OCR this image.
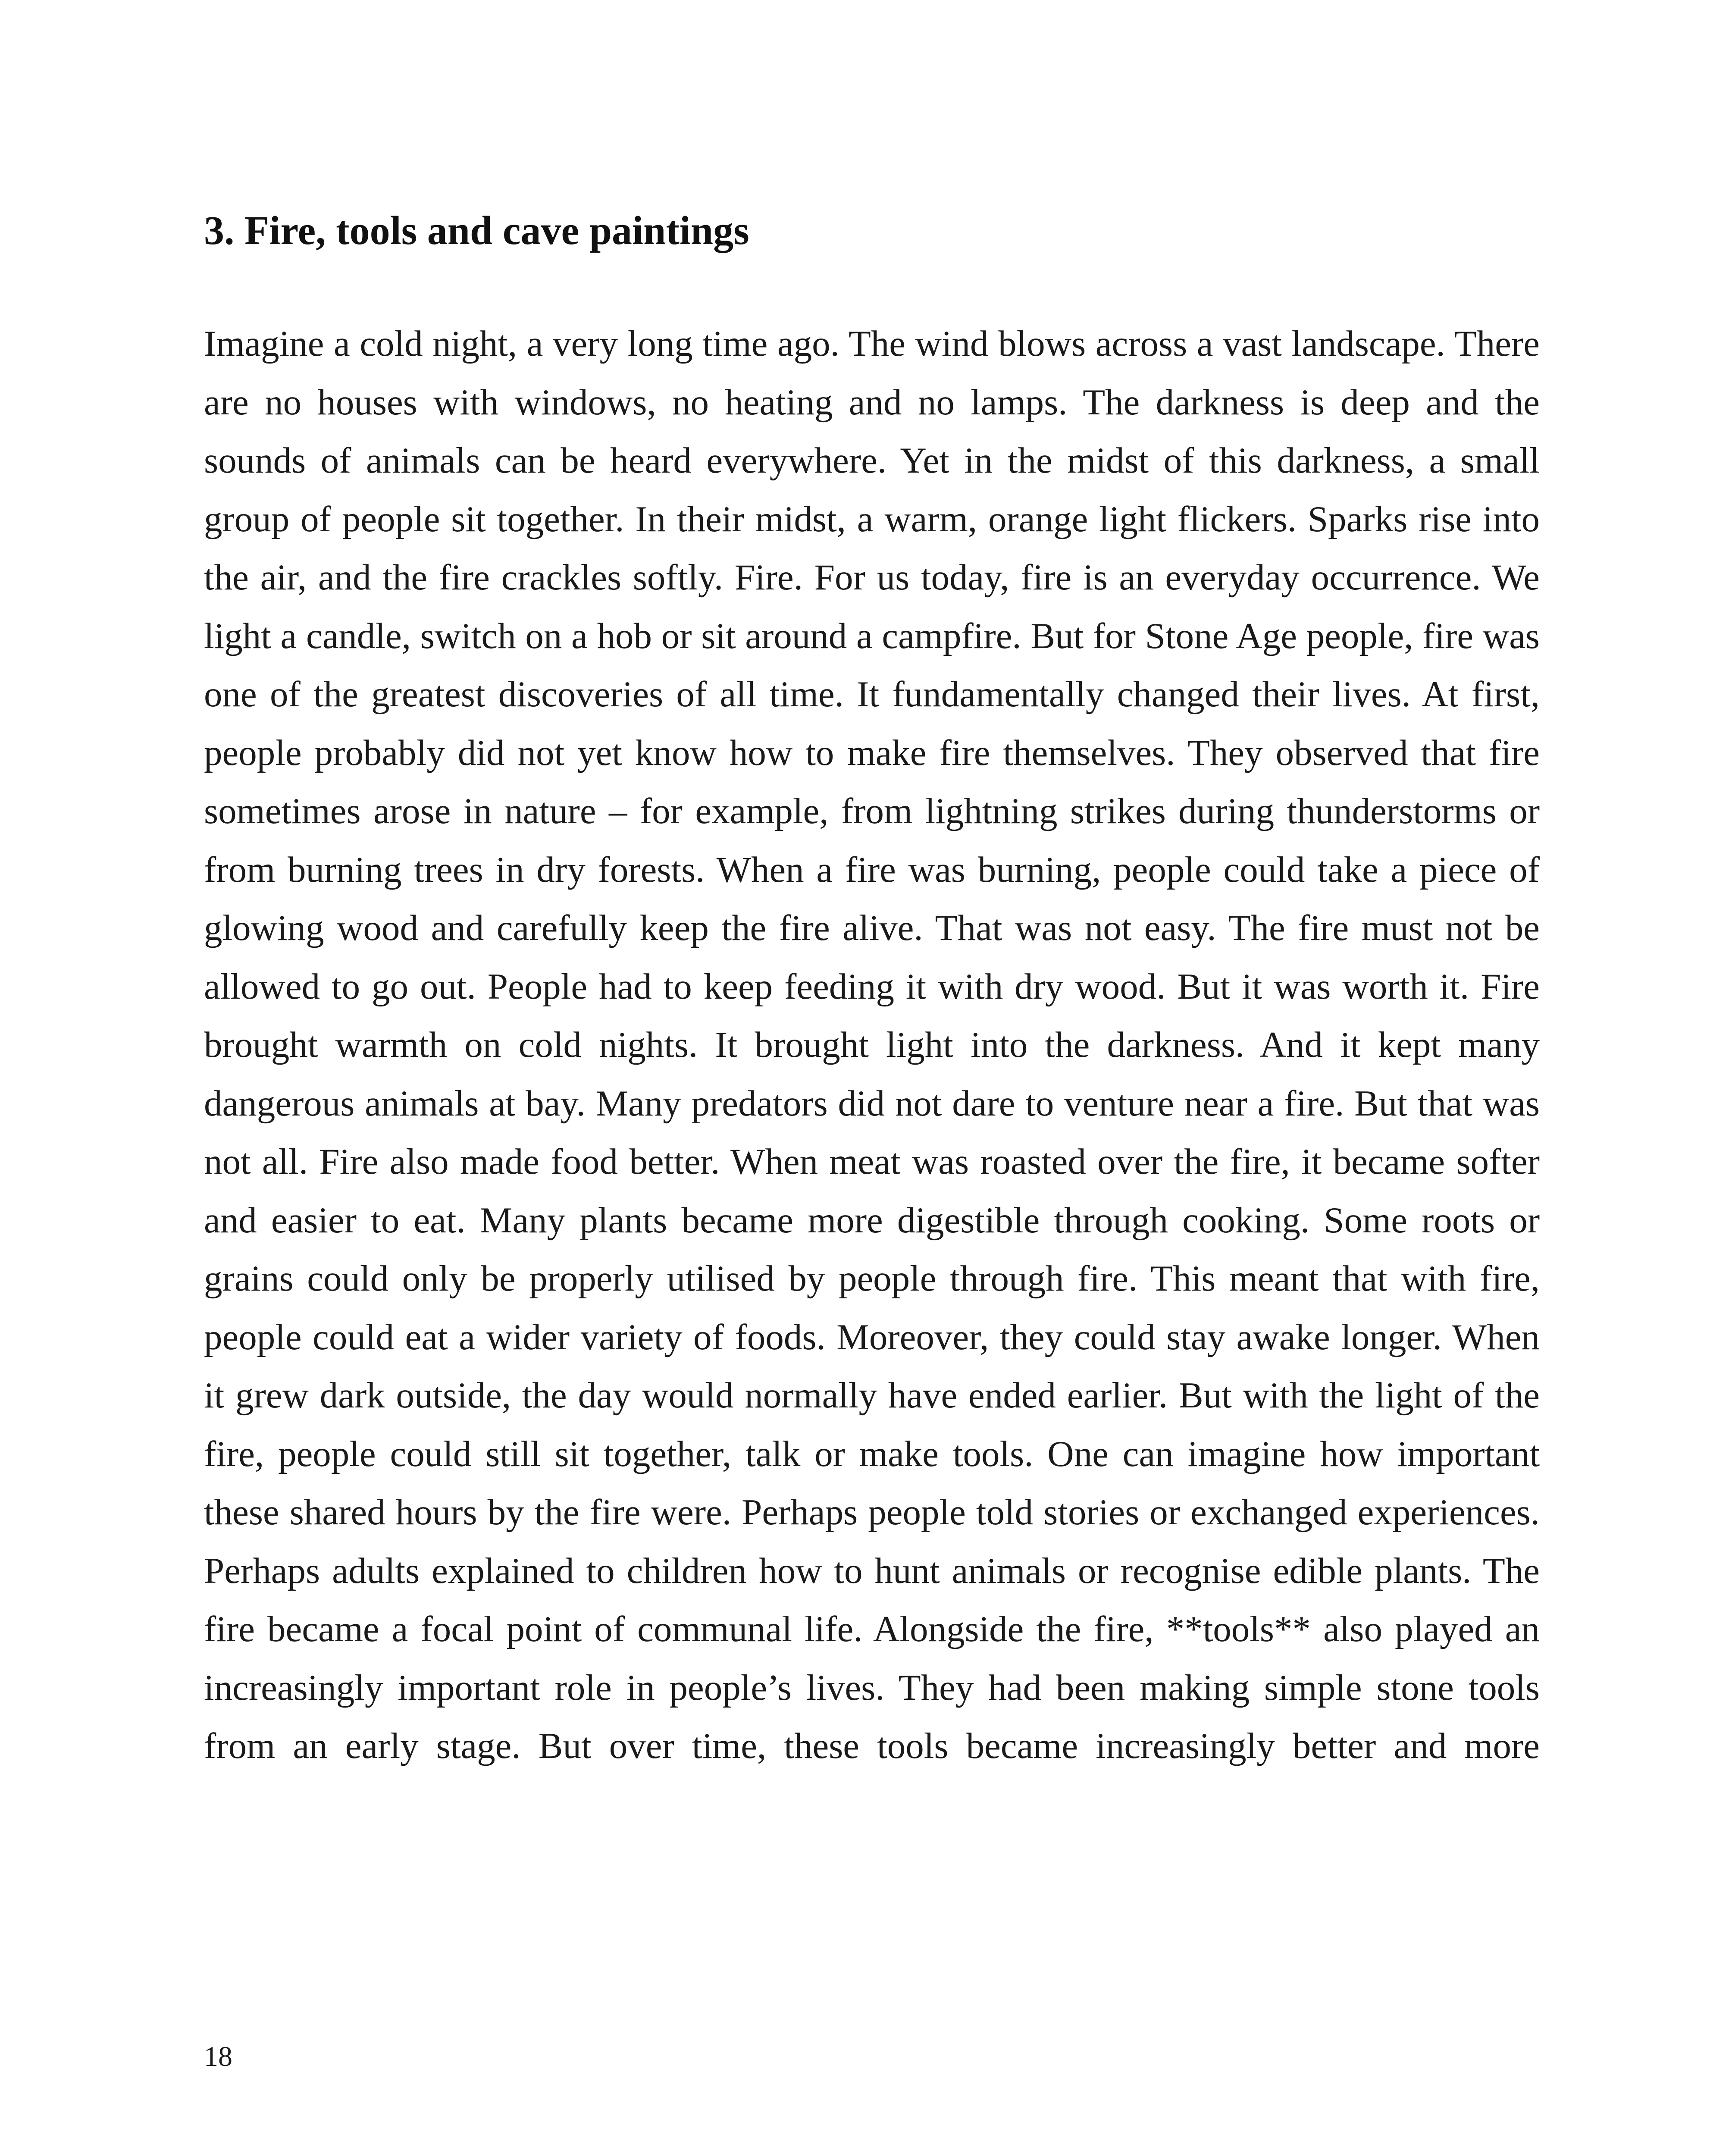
3. Fire, tools and cave paintings

Imagine a cold night, a very long time ago. The wind blows across a vast landscape. There are no houses with windows, no heating and no lamps. The darkness is deep and the sounds of animals can be heard everywhere. Yet in the midst of this darkness, a small group of people sit together. In their midst, a warm, orange light flickers. Sparks rise into the air, and the fire crackles softly. Fire. For us today, fire is an everyday occurrence. We light a candle, switch on a hob or sit around a campfire. But for Stone Age people, fire was one of the greatest discoveries of all time. It fundamentally changed their lives. At first, people probably did not yet know how to make fire themselves. They observed that fire sometimes arose in nature – for example, from lightning strikes during thunderstorms or from burning trees in dry forests. When a fire was burning, people could take a piece of glowing wood and carefully keep the fire alive. That was not easy. The fire must not be allowed to go out. People had to keep feeding it with dry wood. But it was worth it. Fire brought warmth on cold nights. It brought light into the darkness. And it kept many dangerous animals at bay. Many predators did not dare to venture near a fire. But that was not all. Fire also made food better. When meat was roasted over the fire, it became softer and easier to eat. Many plants became more digestible through cooking. Some roots or grains could only be properly utilised by people through fire. This meant that with fire, people could eat a wider variety of foods. Moreover, they could stay awake longer. When it grew dark outside, the day would normally have ended earlier. But with the light of the fire, people could still sit together, talk or make tools. One can imagine how important these shared hours by the fire were. Perhaps people told stories or exchanged experiences. Perhaps adults explained to children how to hunt animals or recognise edible plants. The fire became a focal point of communal life. Alongside the fire, **tools** also played an increasingly important role in people’s lives. They had been making simple stone tools from an early stage. But over time, these tools became increasingly better and more

18
